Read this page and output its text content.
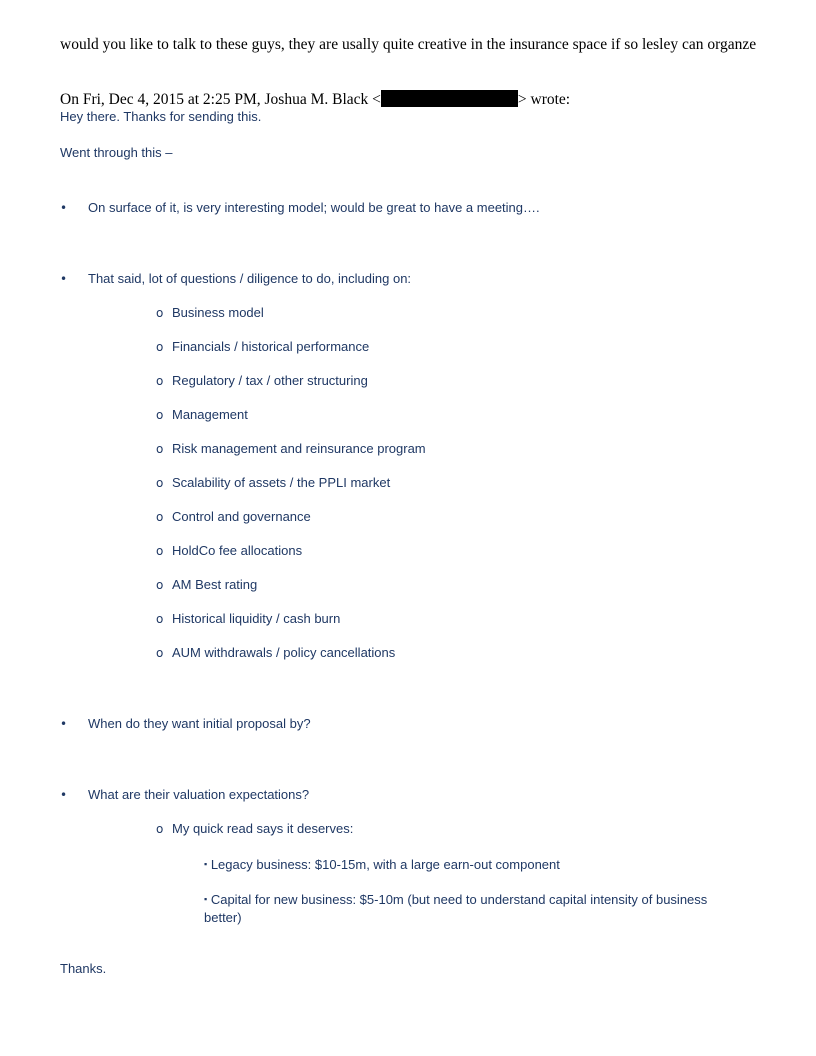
would you like to talk to these guys, they are usally quite creative in the insurance space if so lesley can organze
On Fri, Dec 4, 2015 at 2:25 PM, Joshua M. Black <	> wrote:
Hey there. Thanks for sending this.
Went through this –
• On surface of it, is very interesting model; would be great to have a meeting….
• That said, lot of questions / diligence to do, including on:
o Business model
o Financials / historical performance
o Regulatory / tax / other structuring
o Management
o Risk management and reinsurance program
o Scalability of assets / the PPLI market
o Control and governance
o HoldCo fee allocations
o AM Best rating
o Historical liquidity / cash burn
o AUM withdrawals / policy cancellations
• When do they want initial proposal by?
• What are their valuation expectations?
o My quick read says it deserves:
▪ Legacy business: $10-15m, with a large earn-out component
▪ Capital for new business: $5-10m (but need to understand capital intensity of business better)
Thanks.
